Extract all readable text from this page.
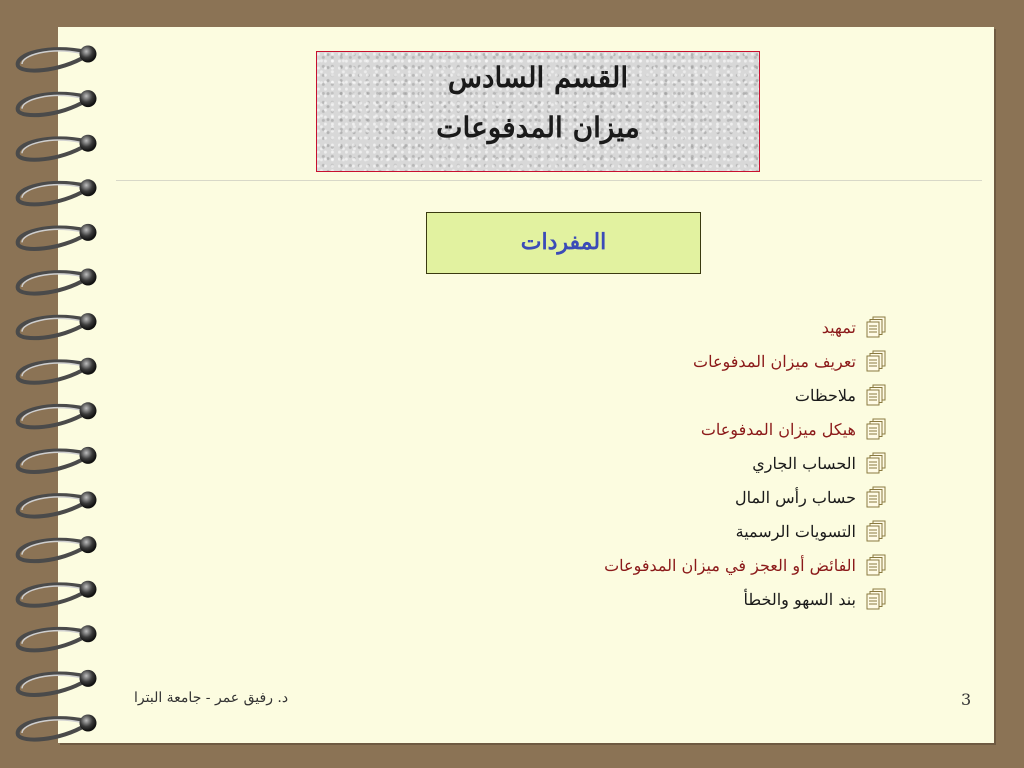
القسم السادس
ميزان المدفوعات
المفردات
تمهيد
تعريف ميزان المدفوعات
ملاحظات
هيكل ميزان المدفوعات
الحساب الجاري
حساب رأس المال
التسويات الرسمية
الفائض أو العجز في ميزان المدفوعات
بند السهو والخطأ
د. رفيق عمر - جامعة البترا	3
